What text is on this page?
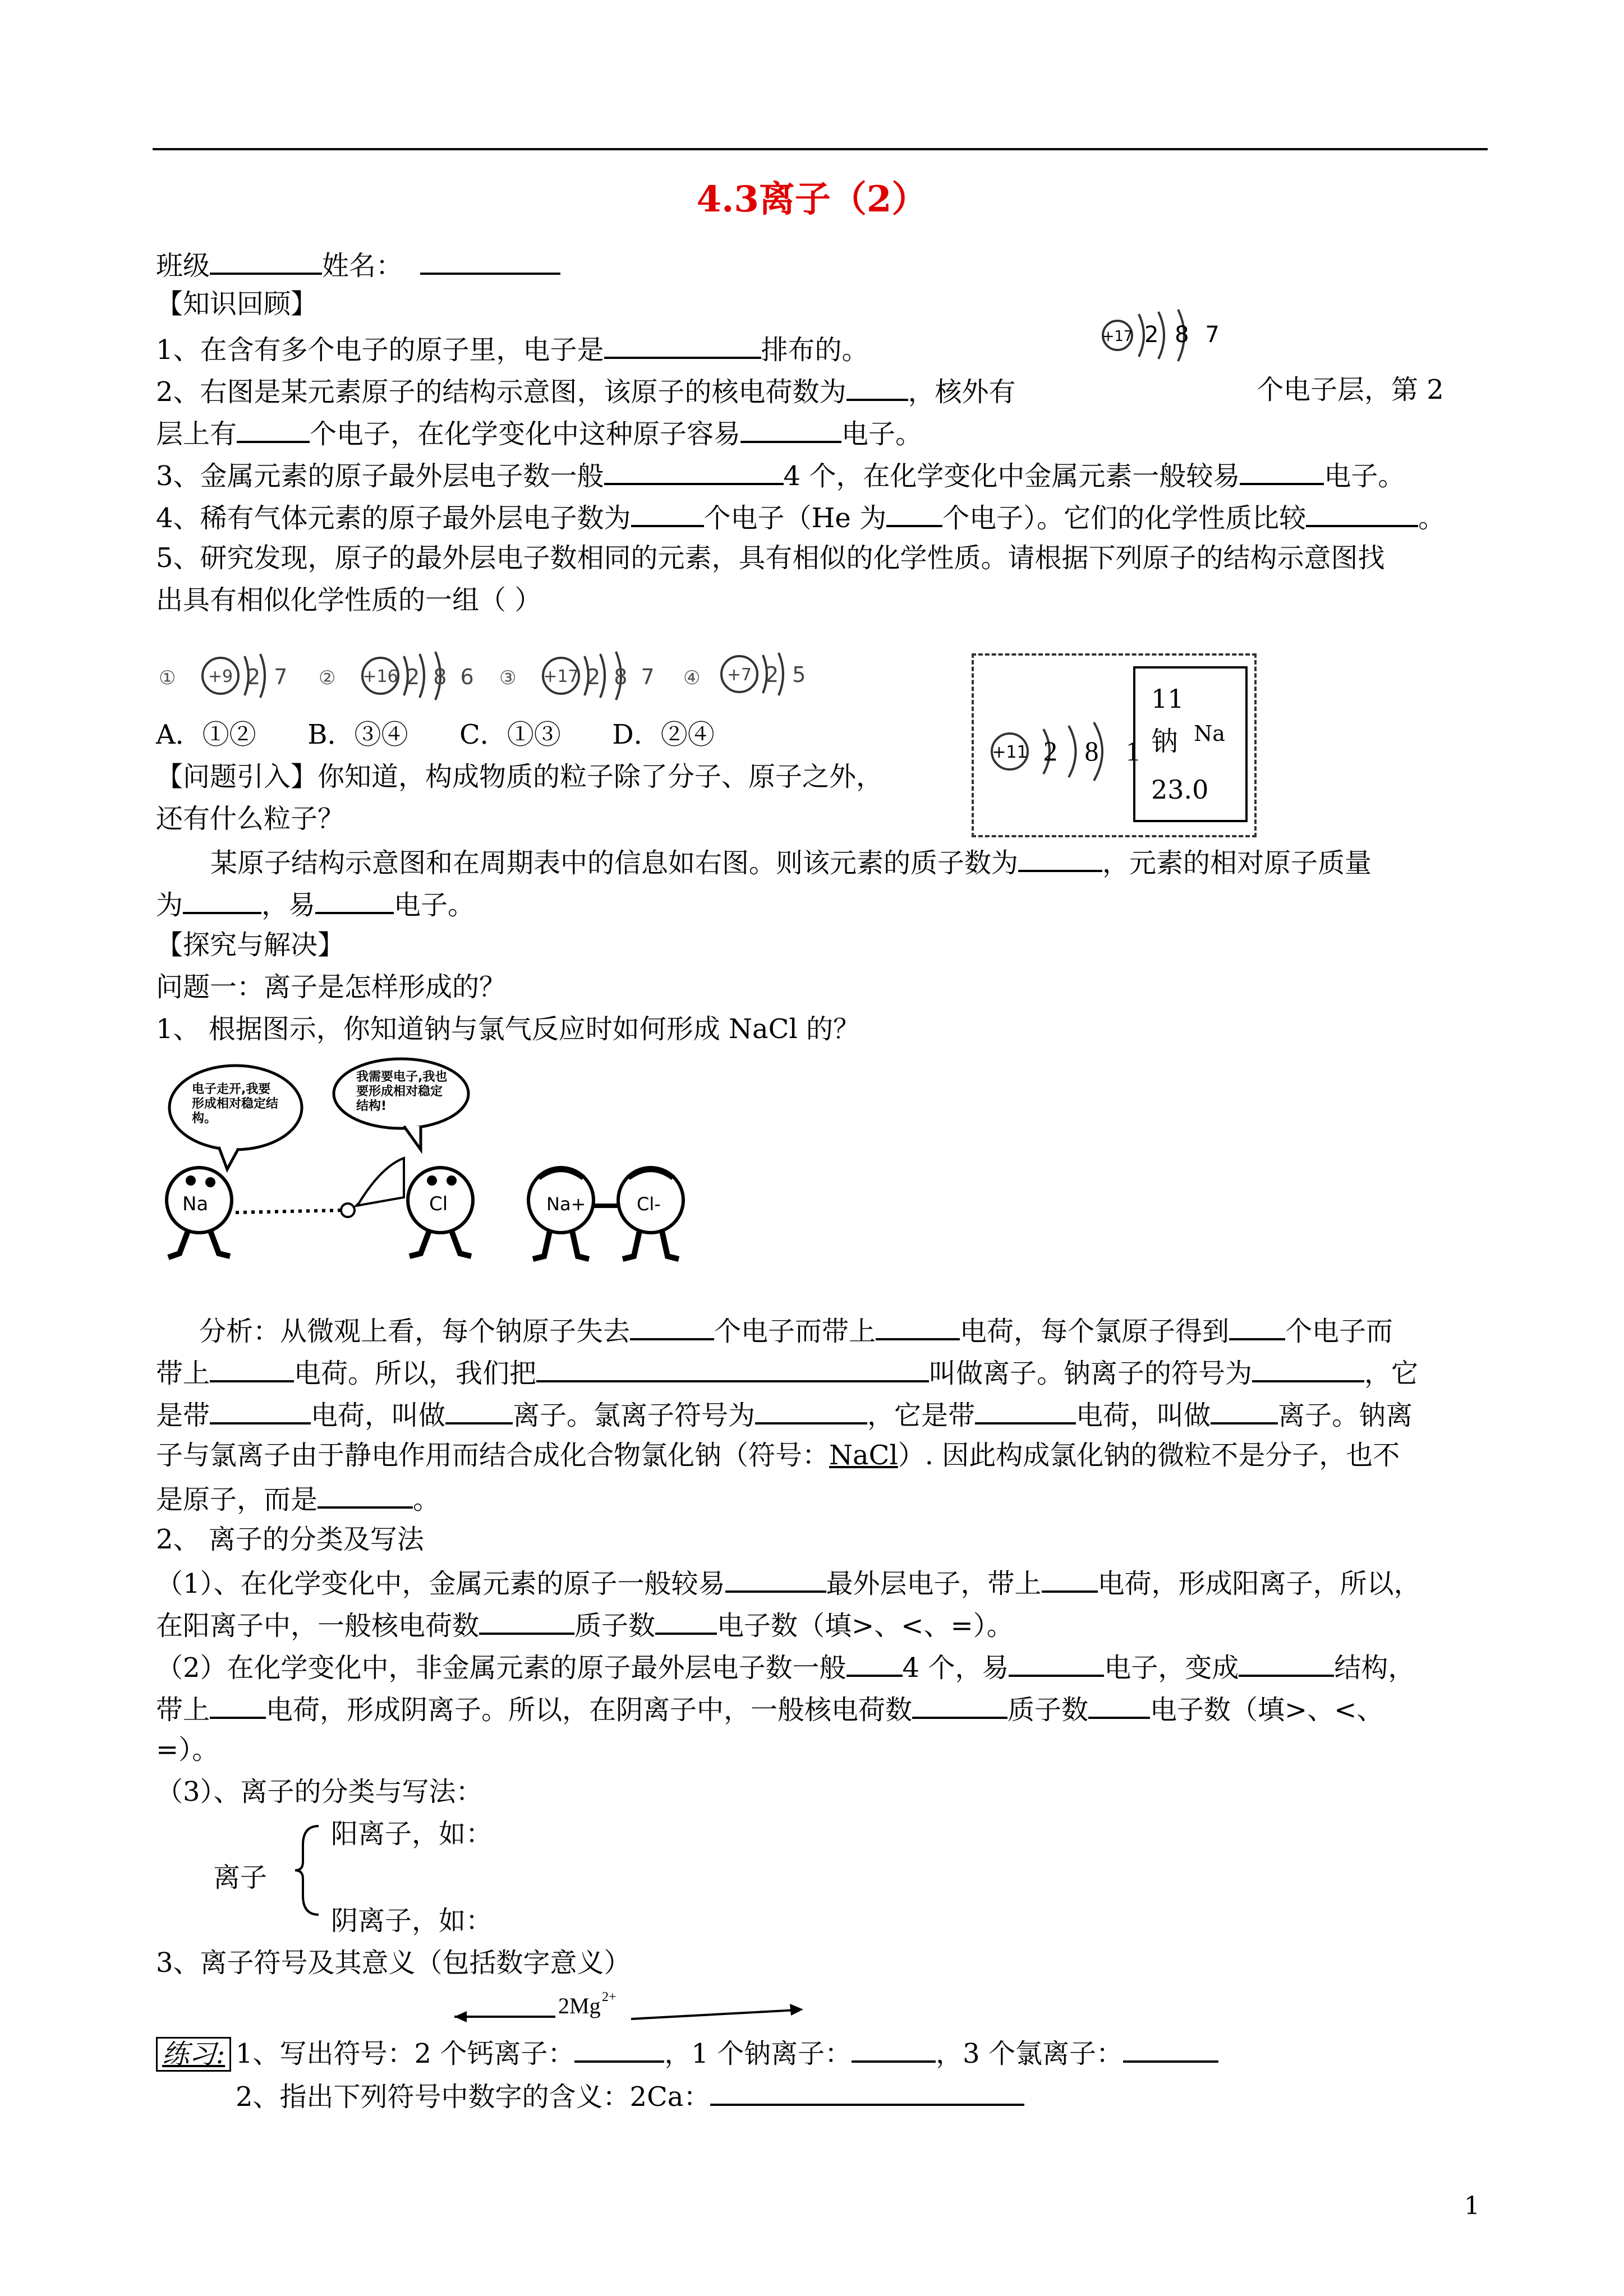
4.3离子（2）
班级	姓名：
【知识回顾】
1、在含有多个电子的原子里，电子是	排布的。	+17 2 8 7
2、右图是某元素原子的结构示意图，该原子的核电荷数为 ，核外有	个电子层，第 2
层上有	个电子，在化学变化中这种原子容易	电子。
3、金属元素的原子最外层电子数一般	4 个，在化学变化中金属元素一般较易	电子。
4、稀有气体元素的原子最外层电子数为	个电子（He 为 个电子）。它们的化学性质比较	。
5、研究发现，原子的最外层电子数相同的元素，具有相似的化学性质。请根据下列原子的结构示意图找
出具有相似化学性质的一组（ ）
① +9 2 7 ② +16 2 8 6 ③ +17 2 8 7 ④ +7 2 5
A．①②      B．③④      C．①③      D．②④
+11 2 8 1
11
Na
钠
23.0
【问题引入】你知道，构成物质的粒子除了分子、原子之外，
还有什么粒子？
某原子结构示意图和在周期表中的信息如右图。则该元素的质子数为	，元素的相对原子质量
为	，易	电子。
【探究与解决】
问题一：离子是怎样形成的？
1、 根据图示，你知道钠与氯气反应时如何形成 NaCl 的？
电子走开,我要形成相对稳定结构。
我需要电子,我也要形成相对稳定结构!
Na	Cl	Na+	Cl-
分析：从微观上看，每个钠原子失去	个电子而带上	电荷，每个氯原子得到 个电子而
带上	电荷。所以，我们把	叫做离子。钠离子的符号为	，它
是带	电荷，叫做	离子。氯离子符号为	，它是带	电荷，叫做	离子。钠离
子与氯离子由于静电作用而结合成化合物氯化钠（符号：NaCl）. 因此构成氯化钠的微粒不是分子，也不
是原子，而是	。
2、 离子的分类及写法
（1）、在化学变化中，金属元素的原子一般较易	最外层电子，带上 电荷，形成阳离子，所以，
在阳离子中，一般核电荷数	质子数 电子数（填>、<、=）。
（2）在化学变化中，非金属元素的原子最外层电子数一般 4 个，易	电子，变成	结构，
带上 电荷，形成阴离子。所以，在阴离子中，一般核电荷数	质子数 电子数（填>、<、
=）。
（3）、离子的分类与写法：
阳离子，如：
离子
阴离子，如：
3、离子符号及其意义（包括数字意义）
2Mg 2+
练习: 1、写出符号：2 个钙离子：	，1 个钠离子：	，3 个氯离子：
2、指出下列符号中数字的含义：2Ca：
1
